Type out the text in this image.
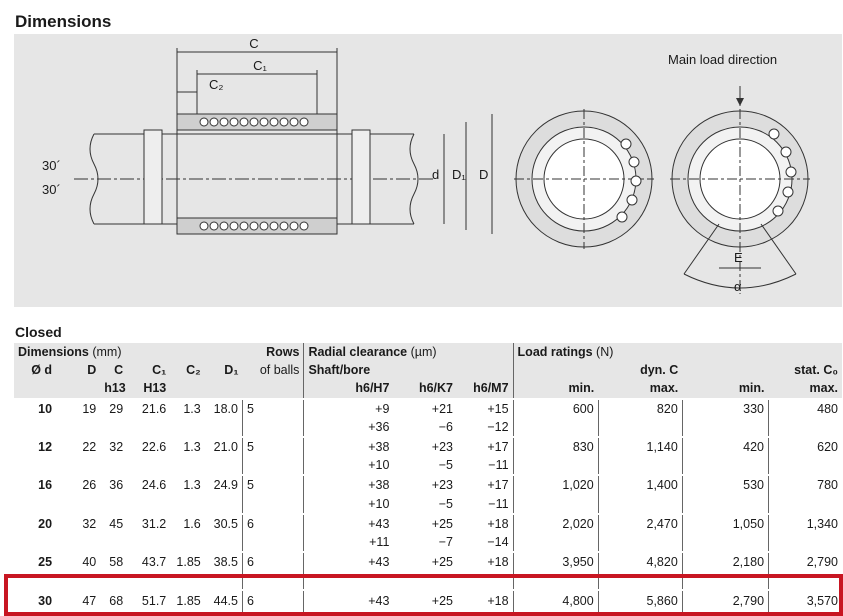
Dimensions
C
C₁
C₂
30´
30´
d D₁ D
Main load direction
E
α
Closed
Dimensions (mm)						Rows	Radial clearance (µm)			Load ratings (N)			
Ø d	D	C	C₁	C₂	D₁	of balls	Shaft/bore				dyn. C		stat. C₀
		h13	H13				h6/H7	h6/K7	h6/M7	min.	max.	min.	max.
10	19	29	21.6	1.3	18.0	5	+9	+21	+15	600	820	330	480
							+36	−6	−12				
12	22	32	22.6	1.3	21.0	5	+38	+23	+17	830	1,140	420	620
							+10	−5	−11				
16	26	36	24.6	1.3	24.9	5	+38	+23	+17	1,020	1,400	530	780
							+10	−5	−11				
20	32	45	31.2	1.6	30.5	6	+43	+25	+18	2,020	2,470	1,050	1,340
							+11	−7	−14				
25	40	58	43.7	1.85	38.5	6	+43	+25	+18	3,950	4,820	2,180	2,790

30	47	68	51.7	1.85	44.5	6	+43	+25	+18	4,800	5,860	2,790	3,570
